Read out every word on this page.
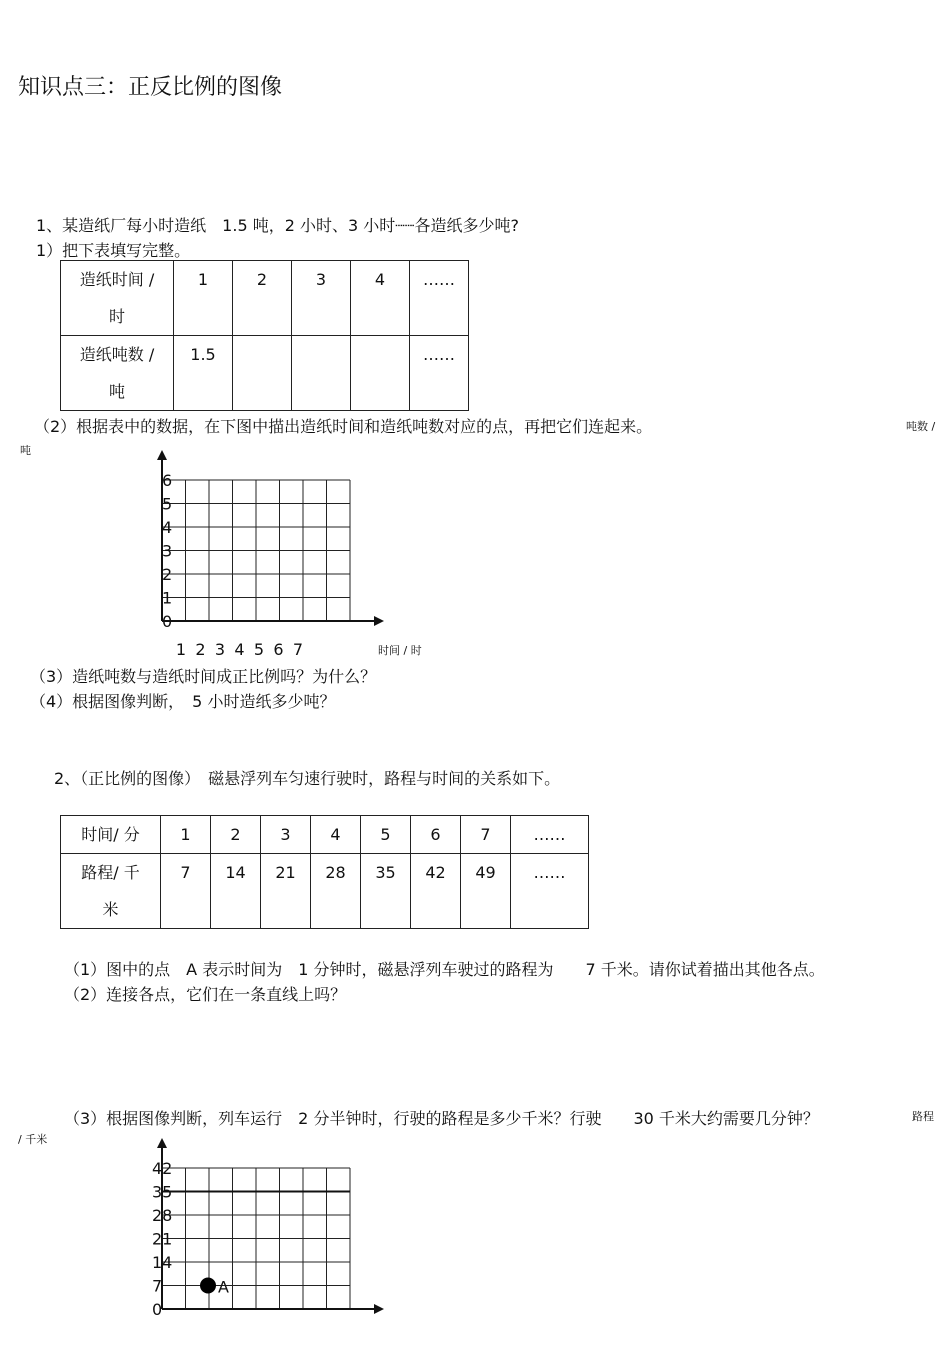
知识点三：正反比例的图像
1、某造纸厂每小时造纸　1.5 吨，2 小时、3 小时┈┈各造纸多少吨?
1）把下表填写完整。
造纸时间 /
时	1	2	3	4	……

造纸吨数 /
吨	1.5				……
（2）根据表中的数据，在下图中描出造纸时间和造纸吨数对应的点，再把它们连起来。	吨数 /
吨
0
1
2
3
4
5
6
1 2 3 4 5 6 7	时间 / 时
（3）造纸吨数与造纸时间成正比例吗？为什么？
（4）根据图像判断，　5 小时造纸多少吨？
2、（正比例的图像）　磁悬浮列车匀速行驶时，路程与时间的关系如下。
时间/ 分	1	2	3	4	5	6	7	……

路程/ 千
米	7	14	21	28	35	42	49	……
（1）图中的点　A 表示时间为　1 分钟时，磁悬浮列车驶过的路程为　　7 千米。请你试着描出其他各点。
（2）连接各点，它们在一条直线上吗？
（3）根据图像判断，列车运行　2 分半钟时，行驶的路程是多少千米？行驶　　30 千米大约需要几分钟？	路程
/ 千米
0
7
14
21
28
35
42
A
